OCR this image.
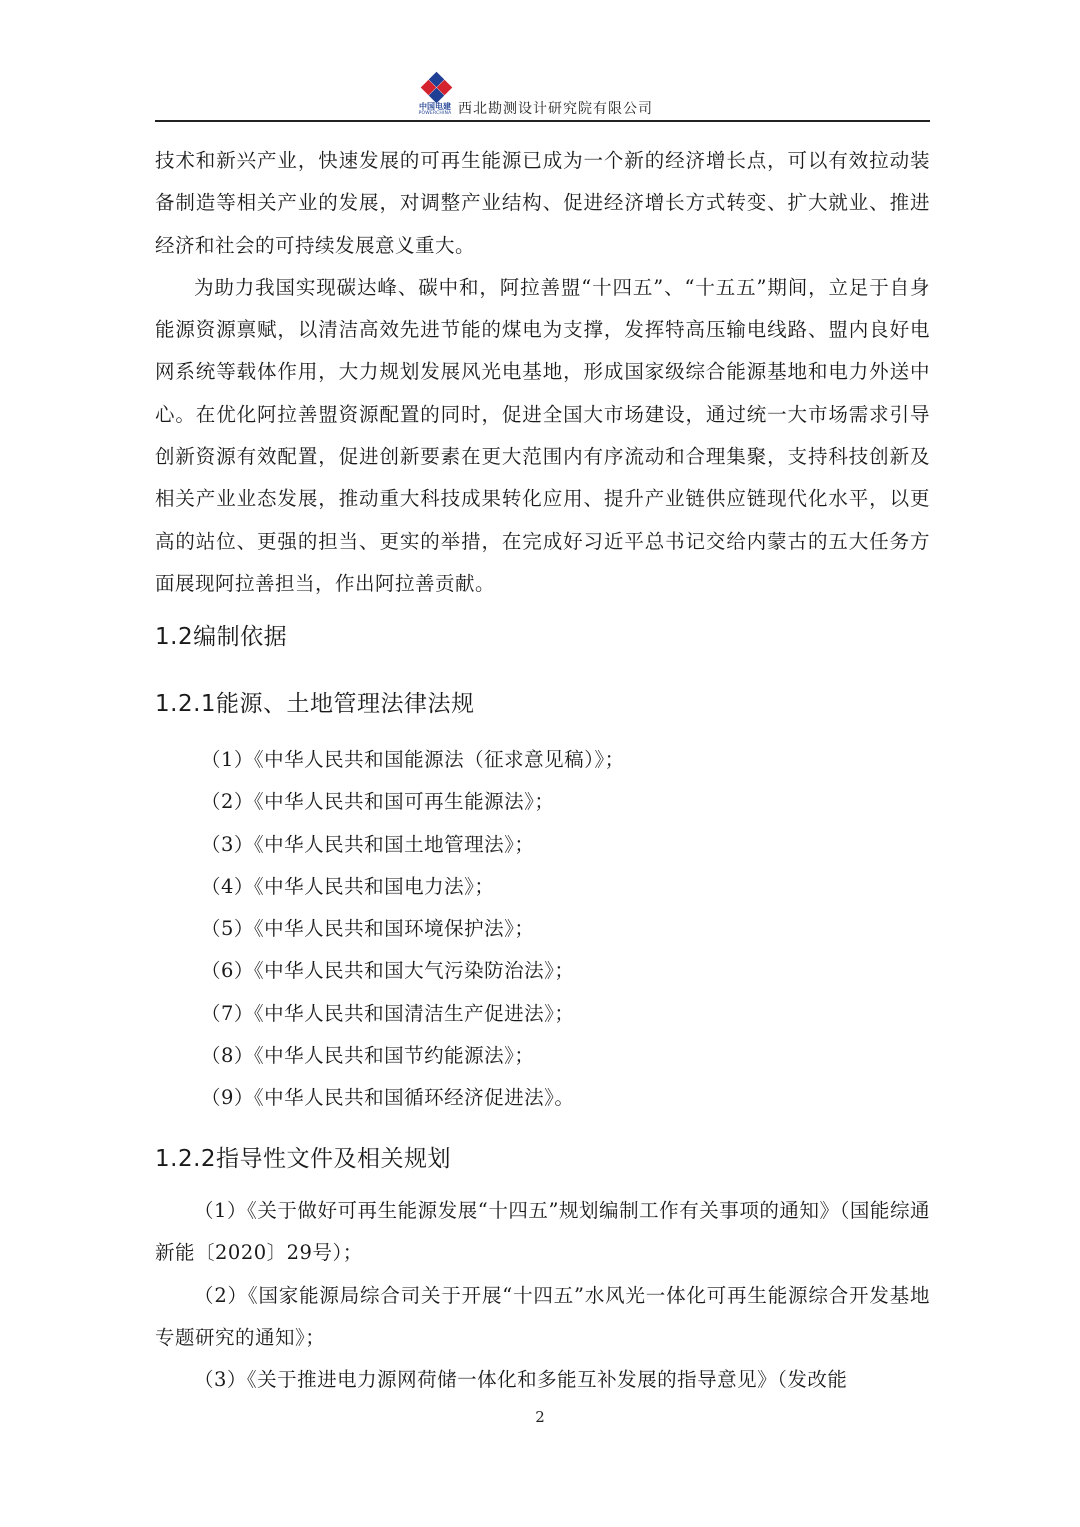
中国电建
POWERCHINA 西北勘测设计研究院有限公司

技术和新兴产业，快速发展的可再生能源已成为一个新的经济增长点，可以有效拉动装备制造等相关产业的发展，对调整产业结构、促进经济增长方式转变、扩大就业、推进经济和社会的可持续发展意义重大。

为助力我国实现碳达峰、碳中和，阿拉善盟“十四五”、“十五五”期间，立足于自身能源资源禀赋，以清洁高效先进节能的煤电为支撑，发挥特高压输电线路、盟内良好电网系统等载体作用，大力规划发展风光电基地，形成国家级综合能源基地和电力外送中心。在优化阿拉善盟资源配置的同时，促进全国大市场建设，通过统一大市场需求引导创新资源有效配置，促进创新要素在更大范围内有序流动和合理集聚，支持科技创新及相关产业业态发展，推动重大科技成果转化应用、提升产业链供应链现代化水平，以更高的站位、更强的担当、更实的举措，在完成好习近平总书记交给内蒙古的五大任务方面展现阿拉善担当，作出阿拉善贡献。

1.2编制依据
1.2.1能源、土地管理法律法规
（1）《中华人民共和国能源法（征求意见稿）》；
（2）《中华人民共和国可再生能源法》；
（3）《中华人民共和国土地管理法》；
（4）《中华人民共和国电力法》；
（5）《中华人民共和国环境保护法》；
（6）《中华人民共和国大气污染防治法》；
（7）《中华人民共和国清洁生产促进法》；
（8）《中华人民共和国节约能源法》；
（9）《中华人民共和国循环经济促进法》。
1.2.2指导性文件及相关规划
（1）《关于做好可再生能源发展“十四五”规划编制工作有关事项的通知》（国能综通新能〔2020〕29号）；
（2）《国家能源局综合司关于开展“十四五”水风光一体化可再生能源综合开发基地专题研究的通知》；
（3）《关于推进电力源网荷储一体化和多能互补发展的指导意见》（发改能
2
